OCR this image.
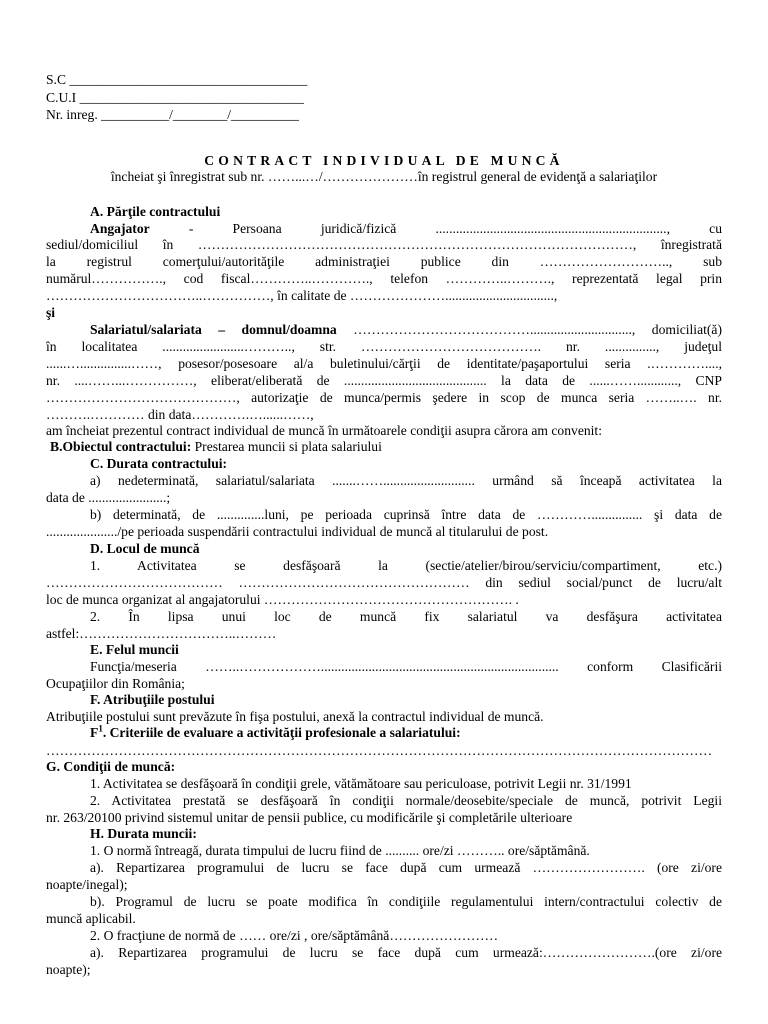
S.C ___________________________________
C.U.I _________________________________
Nr. inreg. __________/________/__________
CONTRACT INDIVIDUAL DE MUNCĂ
încheiat şi înregistrat sub nr. ……...…/…………………în registrul general de evidenţă a salariaţilor
A. Părţile contractului
Angajator	- Persoana juridică/fizică ...................................................................., cu
sediul/domiciliul în ……………………………………………………………………………………, înregistrată
la registrul comerţului/autorităţile administraţiei publice din ……………………….., sub
numărul……………., cod fiscal…………..…………., telefon …………..………., reprezentată legal prin
……………………………..……………, în calitate de …………………................................,
şi
Salariatul/salariata – domnul/doamna ………………………………….............................., domiciliat(ă)
în localitatea ........................……….., str. …………………………………. nr. ..............., judeţul
......…...............……, posesor/posesoare al/a buletinului/cărţii de identitate/paşaportului seria .…………....,
nr. ....……...……………, eliberat/eliberată de .......................................... la data de ......……............, CNP
……………………………………, autorizaţie de munca/permis şedere in scop de munca seria ……..…. nr.
……….………… din data………….…......……,
am încheiat prezentul contract individual de muncă în următoarele condiţii asupra cărora am convenit:
B.Obiectul contractului: Prestarea muncii si plata salariului
C. Durata contractului:
a) nedeterminată, salariatul/salariata .......……........................... urmând să înceapă activitatea la
data de .......................;
b) determinată, de ..............luni, pe perioada cuprinsă între data de …………............... şi data de
...................../pe perioada suspendării contractului individual de muncă al titularului de post.
D. Locul de muncă
1. Activitatea se desfăşoară la (sectie/atelier/birou/serviciu/compartiment, etc.)
………………………………… …………………………………………… din sediul social/punct de lucru/alt
loc de munca organizat al angajatorului ………………………………………………. .
2. În lipsa unui loc de muncă fix salariatul va desfăşura activitatea
astfel:……………………………..………
E. Felul muncii
Funcţia/meseria ……..………………...................................................................... conform Clasificării
Ocupaţiilor din România;
F. Atribuţiile postului
Atribuţiile postului sunt prevăzute în fişa postului, anexă la contractul individual de muncă.
$F^1$. Criteriile de evaluare a activităţii profesionale a salariatului:
…………………………………………………………………………………………………………………………………
G. Condiţii de muncă:
1. Activitatea se desfăşoară în condiţii grele, vătămătoare sau periculoase, potrivit Legii nr. 31/1991
2. Activitatea prestată se desfăşoară în condiţii normale/deosebite/speciale de muncă, potrivit Legii
nr. 263/20100 privind sistemul unitar de pensii publice, cu modificările şi completările ulterioare
H. Durata muncii:
1. O normă întreagă, durata timpului de lucru fiind de .......... ore/zi ……….. ore/săptămână.
a). Repartizarea programului de lucru se face după cum urmează ……………………. (ore zi/ore
noapte/inegal);
b). Programul de lucru se poate modifica în condiţiile regulamentului intern/contractului colectiv de
muncă aplicabil.
2. O fracţiune de normă de …… ore/zi , ore/săptămână……………………
a). Repartizarea programului de lucru se face după cum urmează:…………………….(ore zi/ore
noapte);
